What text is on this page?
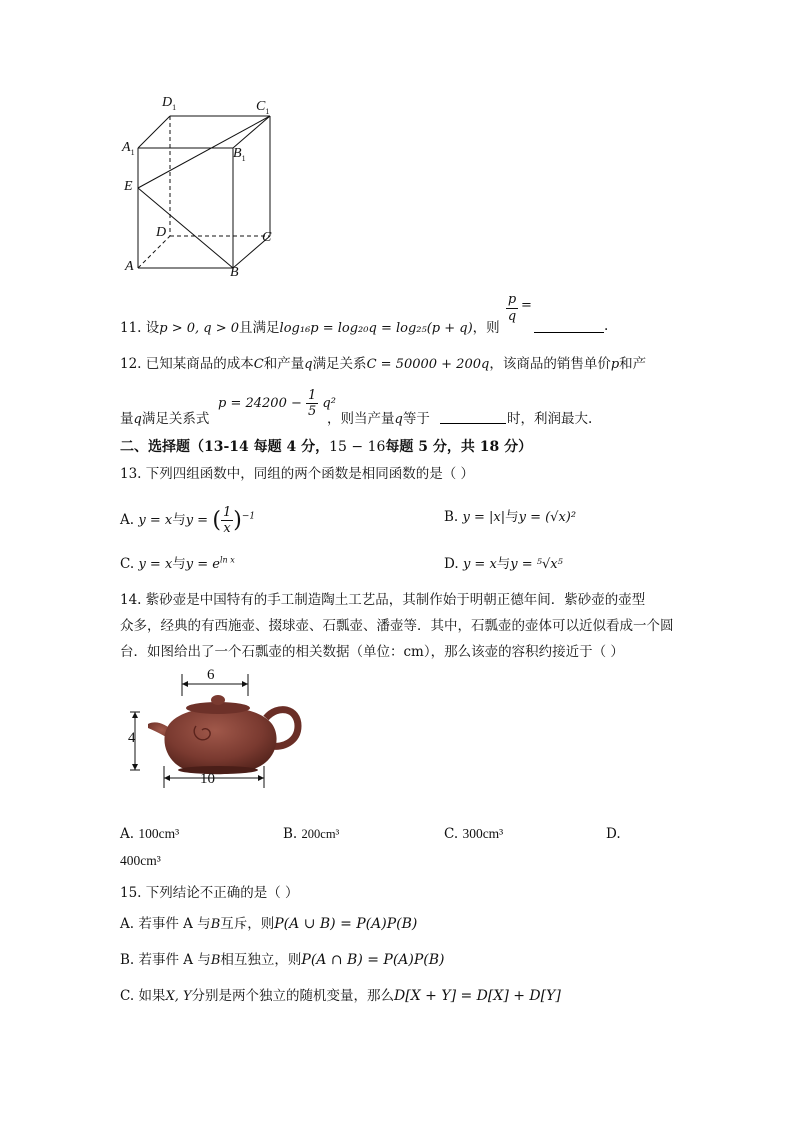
$D_1$	$C_1$
$A_1$	$B_1$
E
D	C
A	B
11. 设p > 0, q > 0且满足log₁₆p = log₂₀q = log₂₅(p + q)，则
p
q
=
.
12. 已知某商品的成本C和产量q满足关系C = 50000 + 200q，该商品的销售单价p和产
量q满足关系式
$p = 24200 - \frac{1}{5} q^2$
，则当产量q等于	时，利润最大.
二、选择题（13-14 每题 4 分，15 − 16每题 5 分，共 18 分）
13. 下列四组函数中，同组的两个函数是相同函数的是（ ）
A. y = x与y = ( $\frac{1}{x} )^{-1}$	B. y = |x|与y = (√x)²
C. y = x与$y = e^{ln x}$	D. y = x与y = ⁵√x⁵
14. 紫砂壶是中国特有的手工制造陶土工艺品，其制作始于明朝正德年间．紫砂壶的壶型
众多，经典的有西施壶、掇球壶、石瓢壶、潘壶等．其中，石瓢壶的壶体可以近似看成一个圆
台．如图给出了一个石瓢壶的相关数据（单位：cm），那么该壶的容积约接近于（ ）
6
4
10
A. 100cm³	B. 200cm³	C. 300cm³	D.
400cm³
15. 下列结论不正确的是（ ）
A. 若事件 A 与B互斥，则P(A ∪ B) = P(A)P(B)
B. 若事件 A 与B相互独立，则P(A ∩ B) = P(A)P(B)
C. 如果X, Y分别是两个独立的随机变量，那么D[X + Y] = D[X] + D[Y]
